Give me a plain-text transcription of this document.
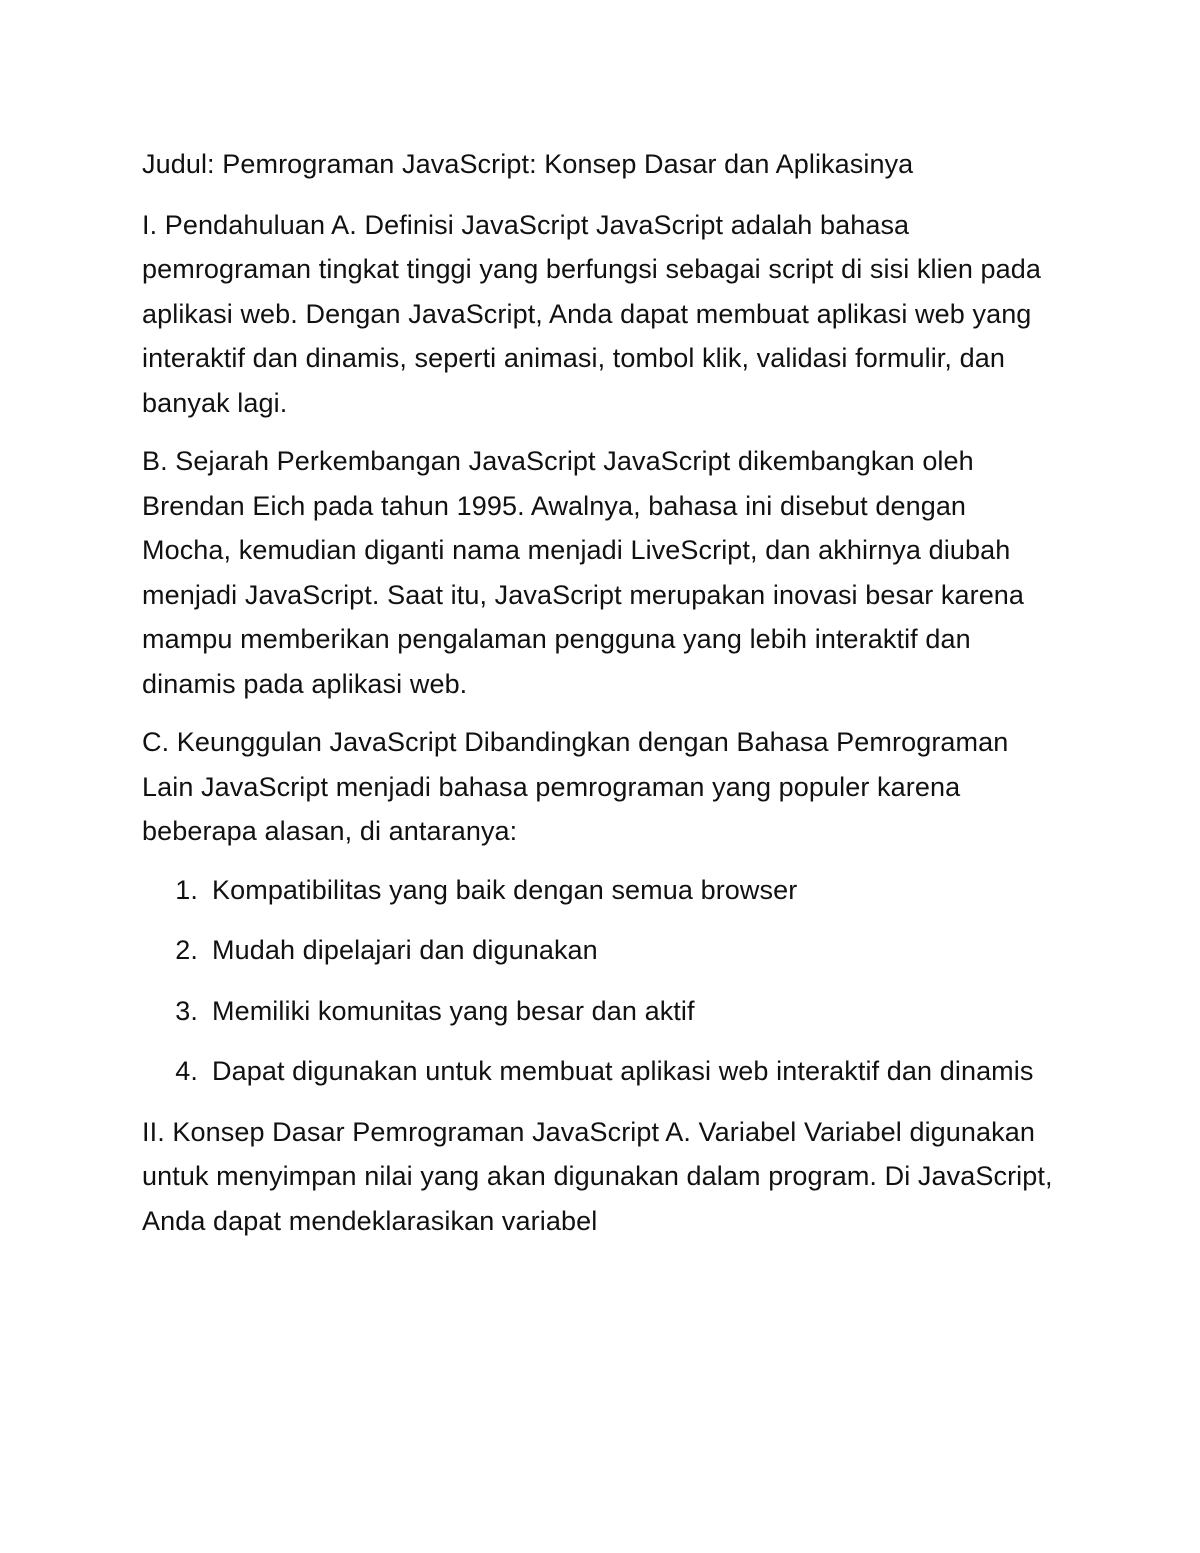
Judul: Pemrograman JavaScript: Konsep Dasar dan Aplikasinya

I. Pendahuluan A. Definisi JavaScript JavaScript adalah bahasa pemrograman tingkat tinggi yang berfungsi sebagai script di sisi klien pada aplikasi web. Dengan JavaScript, Anda dapat membuat aplikasi web yang interaktif dan dinamis, seperti animasi, tombol klik, validasi formulir, dan banyak lagi.

B. Sejarah Perkembangan JavaScript JavaScript dikembangkan oleh Brendan Eich pada tahun 1995. Awalnya, bahasa ini disebut dengan Mocha, kemudian diganti nama menjadi LiveScript, dan akhirnya diubah menjadi JavaScript. Saat itu, JavaScript merupakan inovasi besar karena mampu memberikan pengalaman pengguna yang lebih interaktif dan dinamis pada aplikasi web.

C. Keunggulan JavaScript Dibandingkan dengan Bahasa Pemrograman Lain JavaScript menjadi bahasa pemrograman yang populer karena beberapa alasan, di antaranya:

1. Kompatibilitas yang baik dengan semua browser
2. Mudah dipelajari dan digunakan
3. Memiliki komunitas yang besar dan aktif
4. Dapat digunakan untuk membuat aplikasi web interaktif dan dinamis

II. Konsep Dasar Pemrograman JavaScript A. Variabel Variabel digunakan untuk menyimpan nilai yang akan digunakan dalam program. Di JavaScript, Anda dapat mendeklarasikan variabel
